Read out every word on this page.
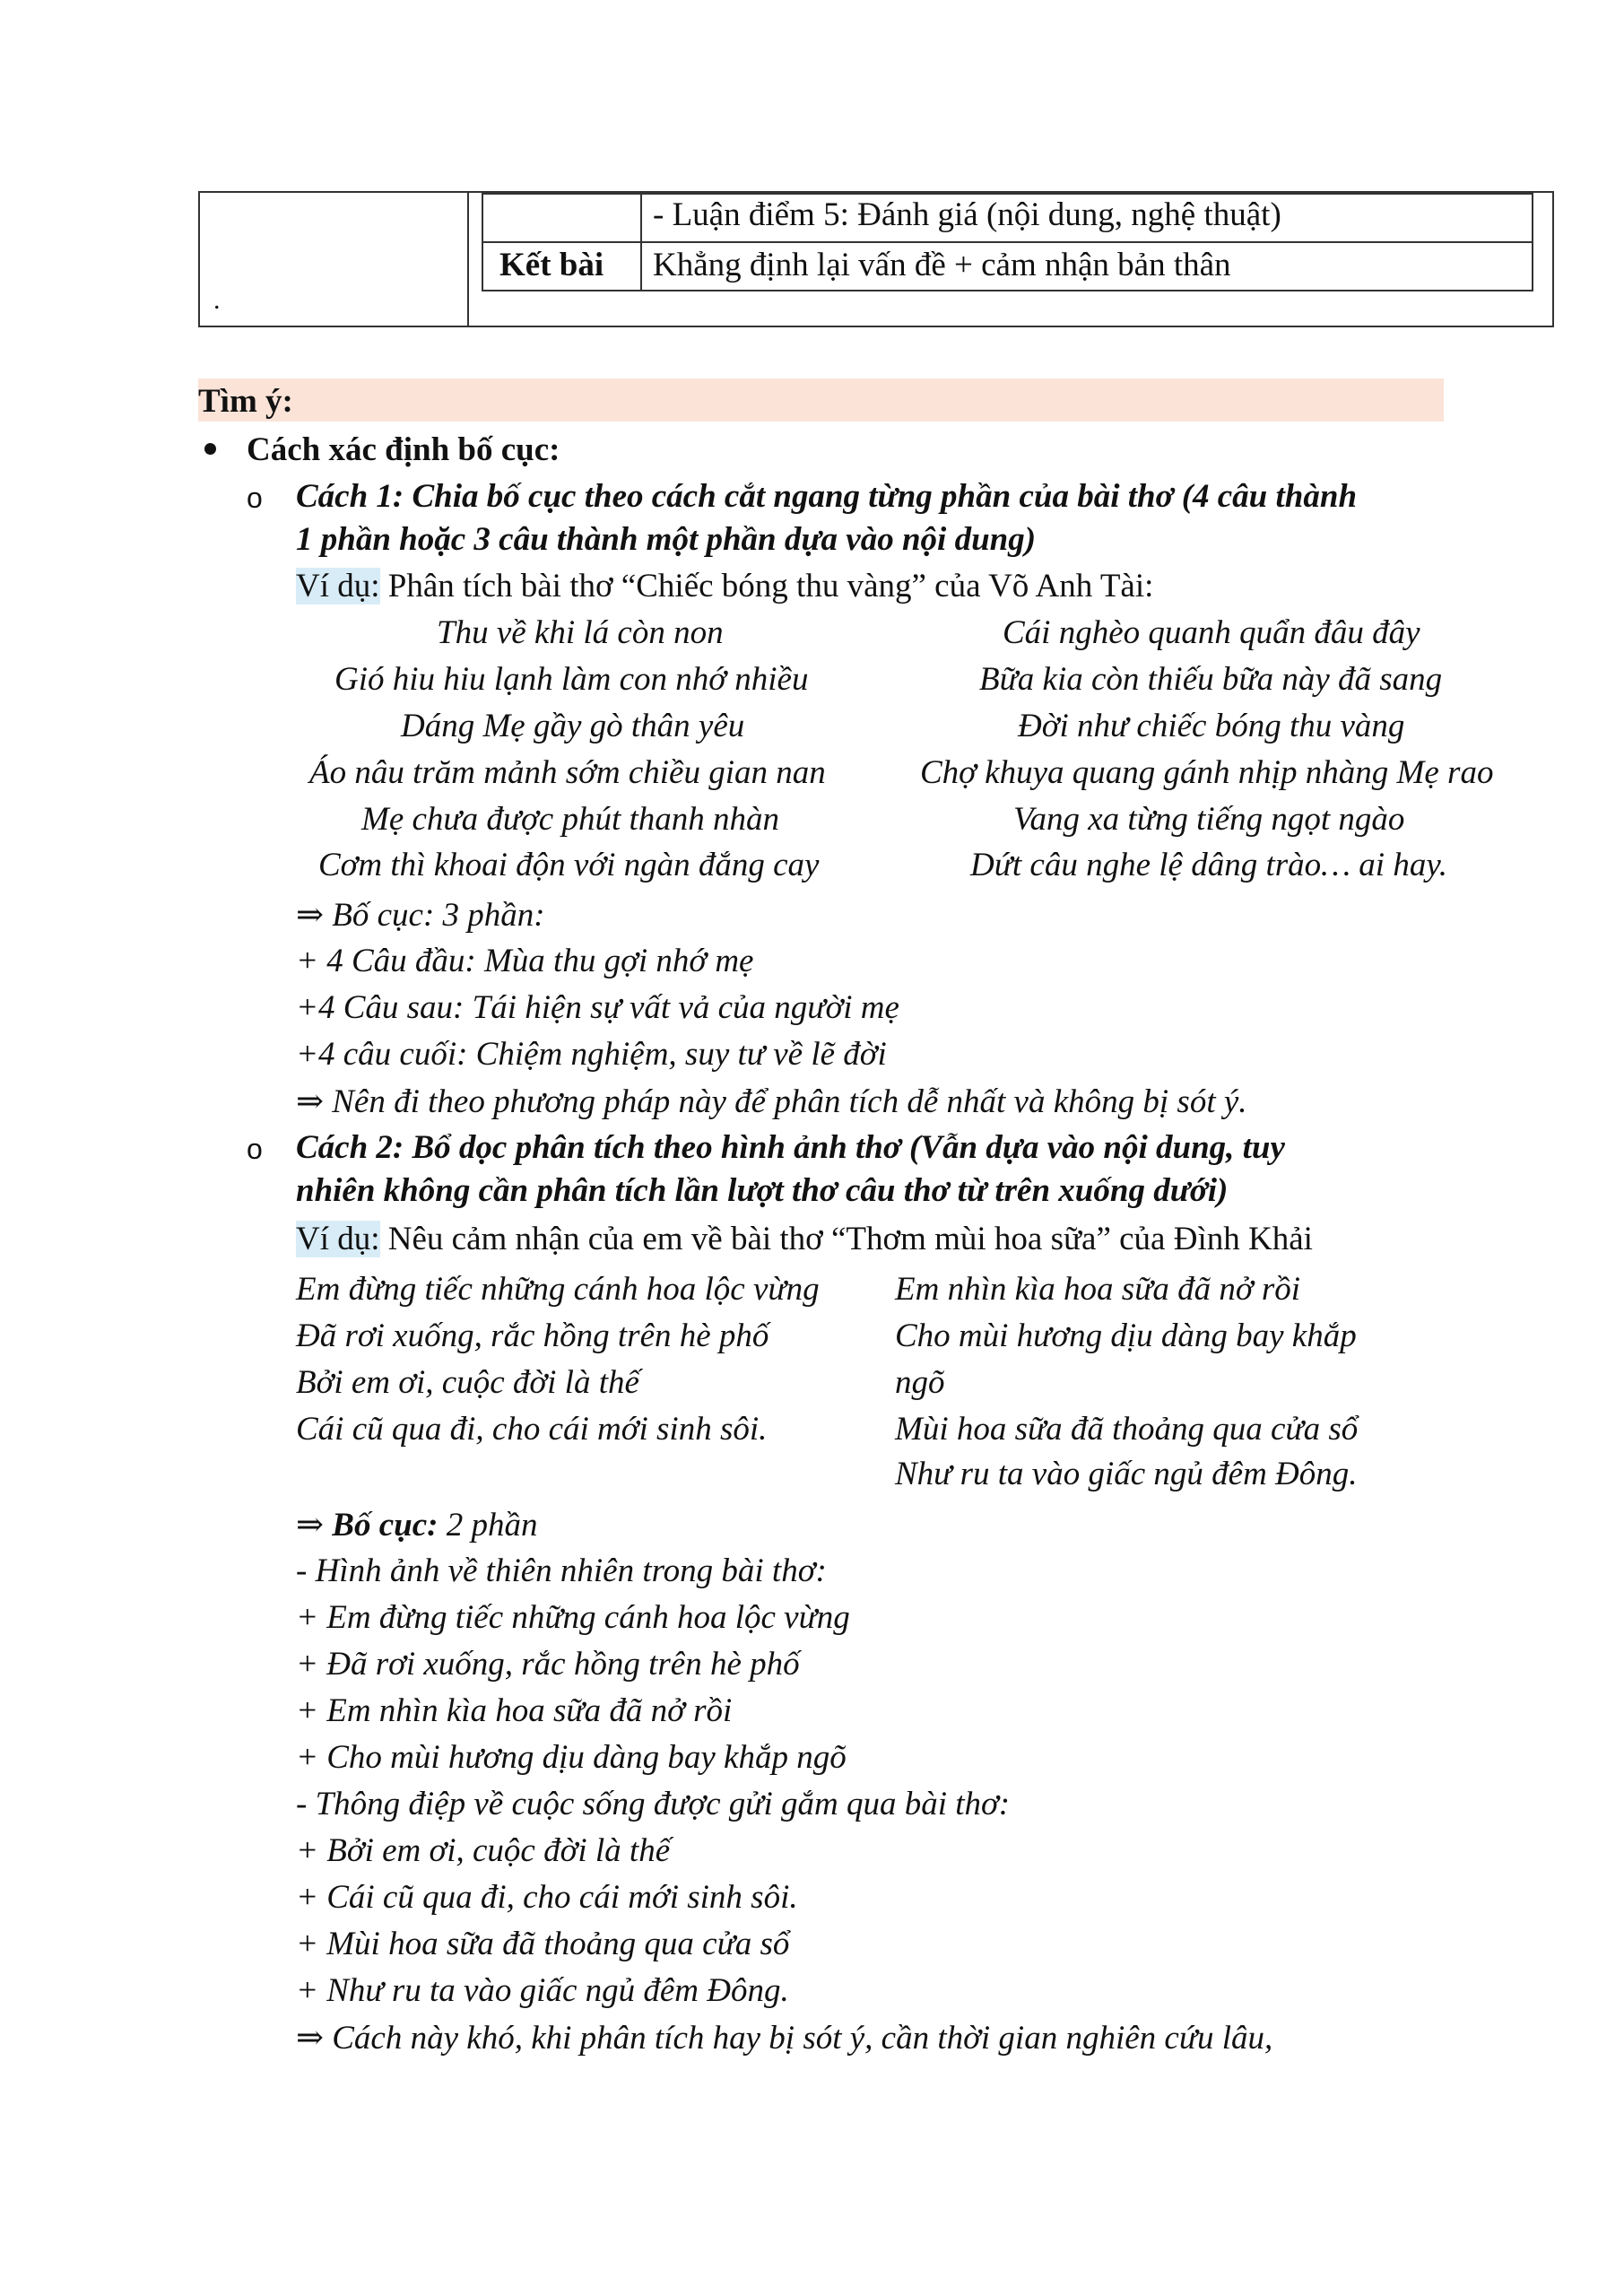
.
- Luận điểm 5: Đánh giá (nội dung, nghệ thuật)
Kết bài Khẳng định lại vấn đề + cảm nhận bản thân
Tìm ý:
Cách xác định bố cục:
o Cách 1: Chia bố cục theo cách cắt ngang từng phần của bài thơ (4 câu thành
1 phần hoặc 3 câu thành một phần dựa vào nội dung)
Ví dụ: Phân tích bài thơ “Chiếc bóng thu vàng” của Võ Anh Tài:
Thu về khi lá còn non
Gió hiu hiu lạnh làm con nhớ nhiều
Dáng Mẹ gầy gò thân yêu
Áo nâu trăm mảnh sớm chiều gian nan
Mẹ chưa được phút thanh nhàn
Cơm thì khoai độn với ngàn đắng cay
Cái nghèo quanh quẩn đâu đây
Bữa kia còn thiếu bữa này đã sang
Đời như chiếc bóng thu vàng
Chợ khuya quang gánh nhịp nhàng Mẹ rao
Vang xa từng tiếng ngọt ngào
Dứt câu nghe lệ dâng trào… ai hay.
⇒ Bố cục: 3 phần:
+ 4 Câu đầu: Mùa thu gợi nhớ mẹ
+4 Câu sau: Tái hiện sự vất vả của người mẹ
+4 câu cuối: Chiệm nghiệm, suy tư về lẽ đời
⇒ Nên đi theo phương pháp này để phân tích dễ nhất và không bị sót ý.
o Cách 2: Bổ dọc phân tích theo hình ảnh thơ (Vẫn dựa vào nội dung, tuy
nhiên không cần phân tích lần lượt thơ câu thơ từ trên xuống dưới)
Ví dụ: Nêu cảm nhận của em về bài thơ “Thơm mùi hoa sữa” của Đình Khải
Em đừng tiếc những cánh hoa lộc vừng
Đã rơi xuống, rắc hồng trên hè phố
Bởi em ơi, cuộc đời là thế
Cái cũ qua đi, cho cái mới sinh sôi.
Em nhìn kìa hoa sữa đã nở rồi
Cho mùi hương dịu dàng bay khắp
ngõ
Mùi hoa sữa đã thoảng qua cửa sổ
Như ru ta vào giấc ngủ đêm Đông.
⇒ Bố cục: 2 phần
- Hình ảnh về thiên nhiên trong bài thơ:
+ Em đừng tiếc những cánh hoa lộc vừng
+ Đã rơi xuống, rắc hồng trên hè phố
+ Em nhìn kìa hoa sữa đã nở rồi
+ Cho mùi hương dịu dàng bay khắp ngõ
- Thông điệp về cuộc sống được gửi gắm qua bài thơ:
+ Bởi em ơi, cuộc đời là thế
+ Cái cũ qua đi, cho cái mới sinh sôi.
+ Mùi hoa sữa đã thoảng qua cửa sổ
+ Như ru ta vào giấc ngủ đêm Đông.
⇒ Cách này khó, khi phân tích hay bị sót ý, cần thời gian nghiên cứu lâu,
